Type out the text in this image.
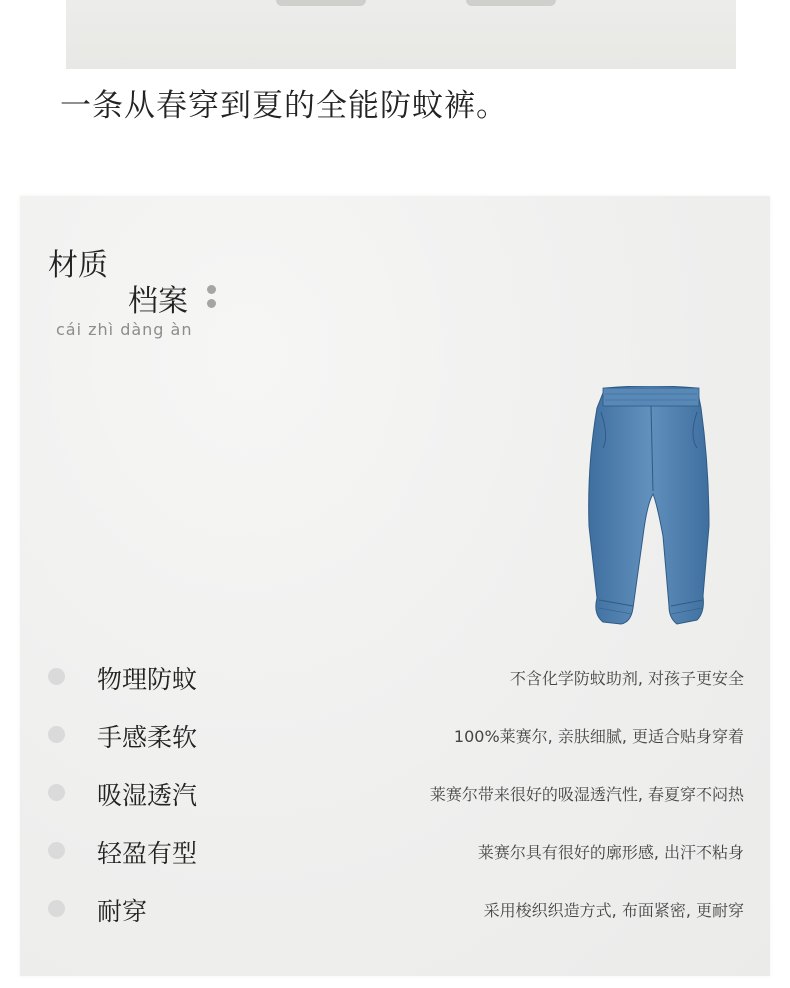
一条从春穿到夏的全能防蚊裤。
材质
档案
cái zhì dàng àn
物理防蚊	不含化学防蚊助剂, 对孩子更安全
手感柔软	100%莱赛尔, 亲肤细腻, 更适合贴身穿着
吸湿透汽	莱赛尔带来很好的吸湿透汽性, 春夏穿不闷热
轻盈有型	莱赛尔具有很好的廓形感, 出汗不粘身
耐穿	采用梭织织造方式, 布面紧密, 更耐穿
